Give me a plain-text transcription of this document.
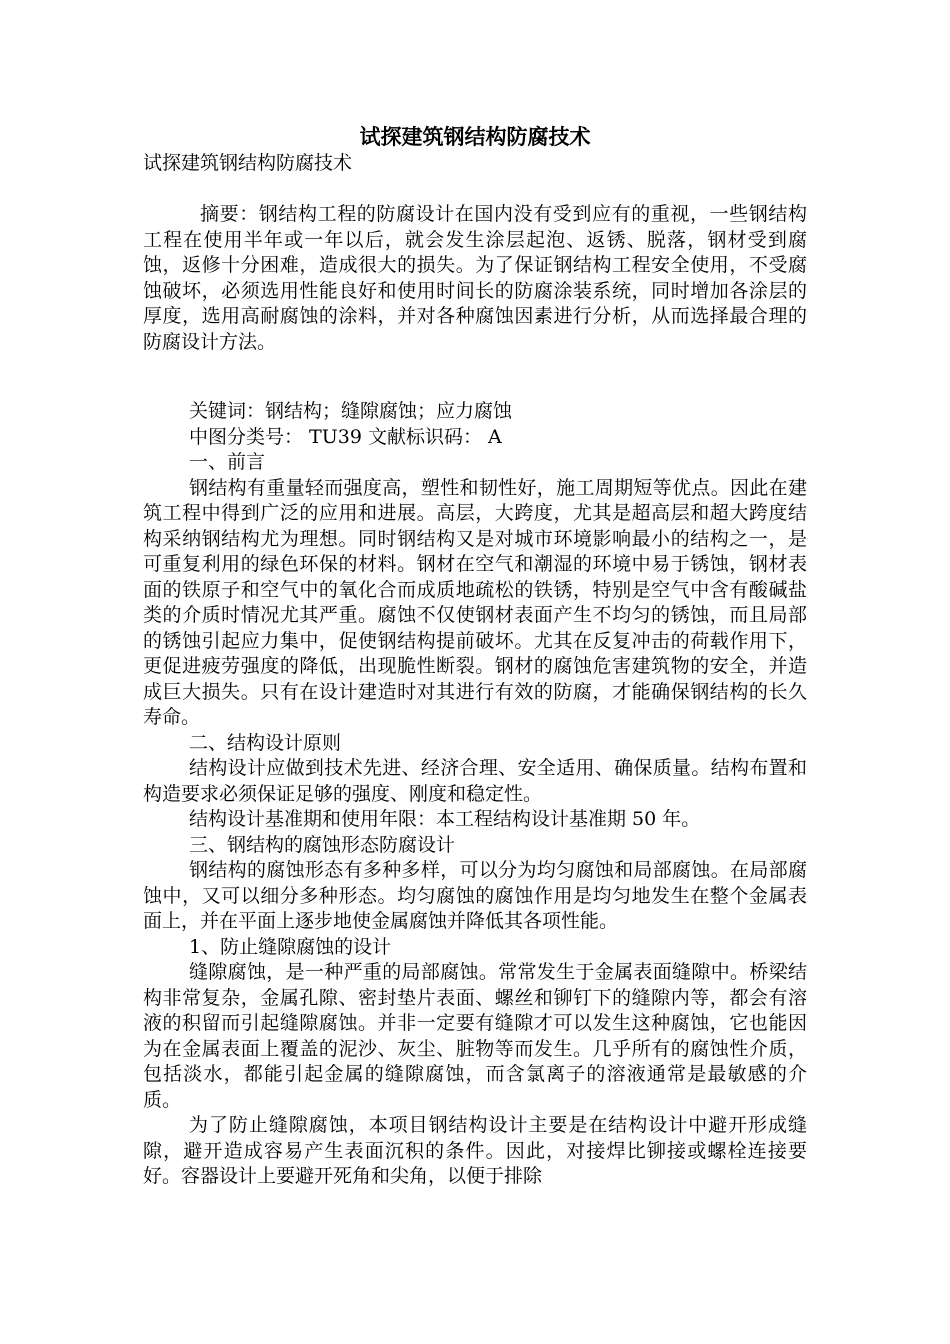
试探建筑钢结构防腐技术
试探建筑钢结构防腐技术

摘要：钢结构工程的防腐设计在国内没有受到应有的重视，一些钢结构工程在使用半年或一年以后，就会发生涂层起泡、返锈、脱落，钢材受到腐蚀，返修十分困难，造成很大的损失。为了保证钢结构工程安全使用，不受腐蚀破坏，必须选用性能良好和使用时间长的防腐涂装系统，同时增加各涂层的厚度，选用高耐腐蚀的涂料，并对各种腐蚀因素进行分析，从而选择最合理的防腐设计方法。

关键词：钢结构；缝隙腐蚀；应力腐蚀

中图分类号： TU39 文献标识码： A

一、前言

钢结构有重量轻而强度高，塑性和韧性好，施工周期短等优点。因此在建筑工程中得到广泛的应用和进展。高层，大跨度，尤其是超高层和超大跨度结构采纳钢结构尤为理想。同时钢结构又是对城市环境影响最小的结构之一，是可重复利用的绿色环保的材料。钢材在空气和潮湿的环境中易于锈蚀，钢材表面的铁原子和空气中的氧化合而成质地疏松的铁锈，特别是空气中含有酸碱盐类的介质时情况尤其严重。腐蚀不仅使钢材表面产生不均匀的锈蚀，而且局部的锈蚀引起应力集中，促使钢结构提前破坏。尤其在反复冲击的荷载作用下，更促进疲劳强度的降低，出现脆性断裂。钢材的腐蚀危害建筑物的安全，并造成巨大损失。只有在设计建造时对其进行有效的防腐，才能确保钢结构的长久寿命。

二、结构设计原则

结构设计应做到技术先进、经济合理、安全适用、确保质量。结构布置和构造要求必须保证足够的强度、刚度和稳定性。

结构设计基准期和使用年限：本工程结构设计基准期 50 年。

三、钢结构的腐蚀形态防腐设计

钢结构的腐蚀形态有多种多样，可以分为均匀腐蚀和局部腐蚀。在局部腐蚀中，又可以细分多种形态。均匀腐蚀的腐蚀作用是均匀地发生在整个金属表面上，并在平面上逐步地使金属腐蚀并降低其各项性能。

1、防止缝隙腐蚀的设计

缝隙腐蚀，是一种严重的局部腐蚀。常常发生于金属表面缝隙中。桥梁结构非常复杂，金属孔隙、密封垫片表面、螺丝和铆钉下的缝隙内等，都会有溶液的积留而引起缝隙腐蚀。并非一定要有缝隙才可以发生这种腐蚀，它也能因为在金属表面上覆盖的泥沙、灰尘、脏物等而发生。几乎所有的腐蚀性介质，包括淡水，都能引起金属的缝隙腐蚀，而含氯离子的溶液通常是最敏感的介质。

为了防止缝隙腐蚀，本项目钢结构设计主要是在结构设计中避开形成缝隙，避开造成容易产生表面沉积的条件。因此，对接焊比铆接或螺栓连接要好。容器设计上要避开死角和尖角，以便于排除
